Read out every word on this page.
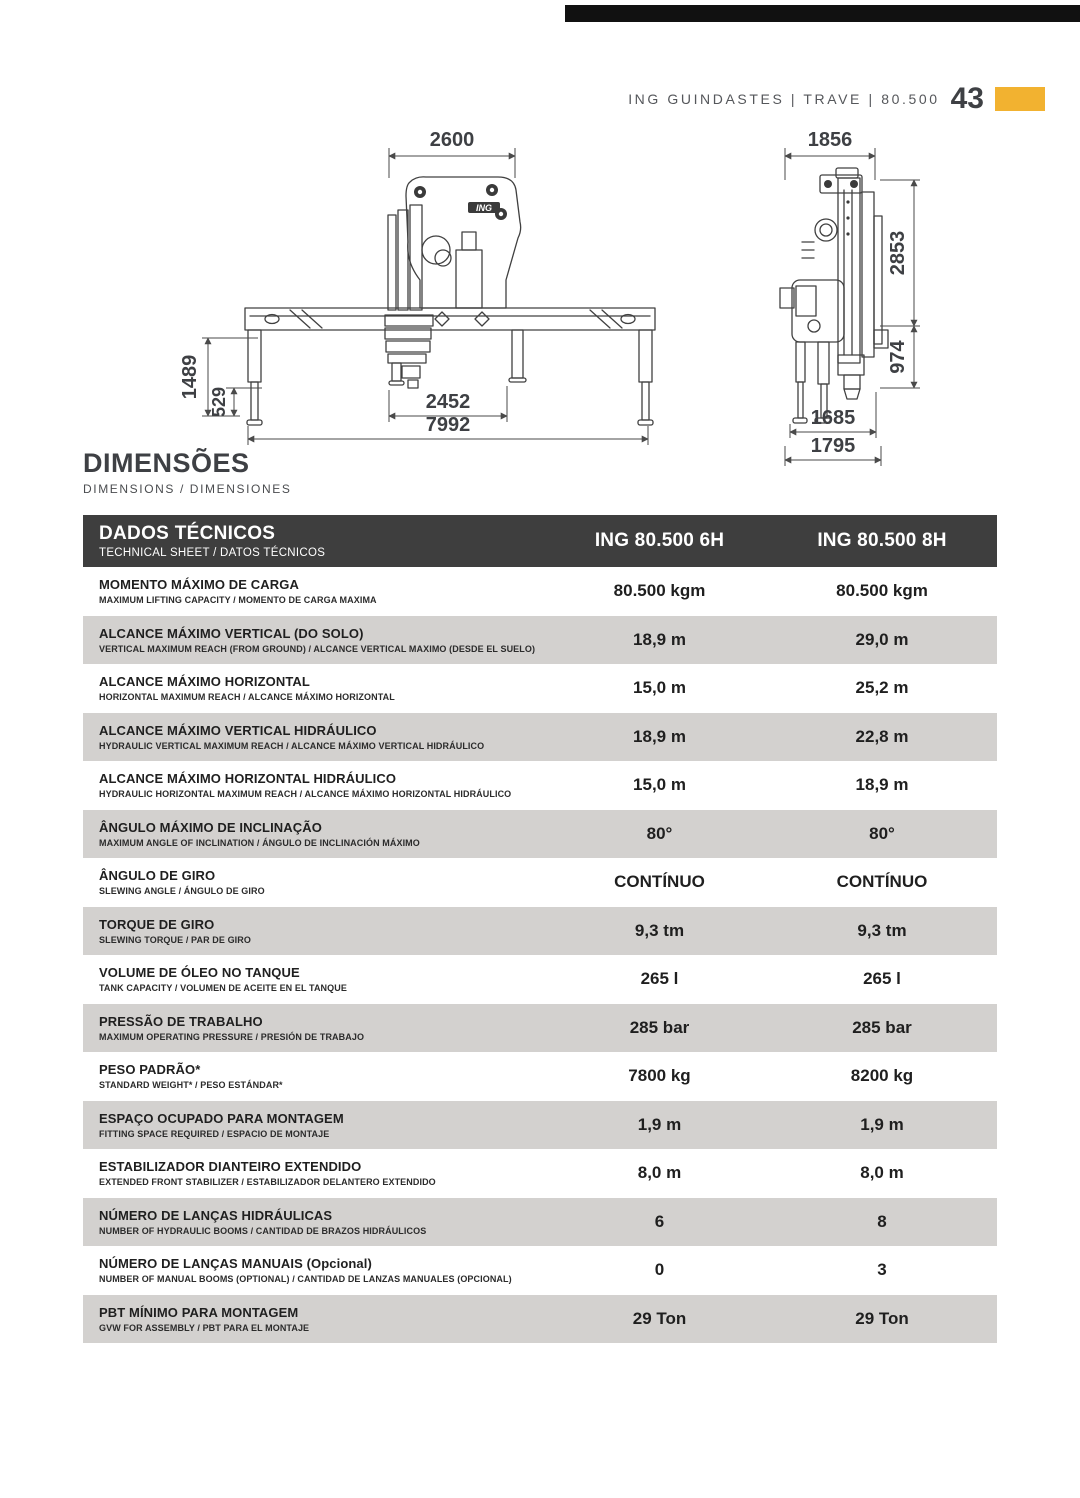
ING GUINDASTES | TRAVE | 80.500 43
ING
2600
1489
529	2452
7992
1856
2853
974
1685
1795
DIMENSÕES
DIMENSIONS / DIMENSIONES
DADOS TÉCNICOS
TECHNICAL SHEET / DATOS TÉCNICOS
ING 80.500 6H	ING 80.500 8H
MOMENTO MÁXIMO DE CARGA
MAXIMUM LIFTING CAPACITY / MOMENTO DE CARGA MAXIMA	80.500 kgm	80.500 kgm
ALCANCE MÁXIMO VERTICAL (DO SOLO)
VERTICAL MAXIMUM REACH (FROM GROUND) / ALCANCE VERTICAL MAXIMO (DESDE EL SUELO)	18,9 m	29,0 m
ALCANCE MÁXIMO HORIZONTAL
HORIZONTAL MAXIMUM REACH / ALCANCE MÁXIMO HORIZONTAL	15,0 m	25,2 m
ALCANCE MÁXIMO VERTICAL HIDRÁULICO
HYDRAULIC VERTICAL MAXIMUM REACH / ALCANCE MÁXIMO VERTICAL HIDRÁULICO	18,9 m	22,8 m
ALCANCE MÁXIMO HORIZONTAL HIDRÁULICO
HYDRAULIC HORIZONTAL MAXIMUM REACH / ALCANCE MÁXIMO HORIZONTAL HIDRÁULICO	15,0 m	18,9 m
ÂNGULO MÁXIMO DE INCLINAÇÃO
MAXIMUM ANGLE OF INCLINATION / ÁNGULO DE INCLINACIÓN MÁXIMO	80°	80°
ÂNGULO DE GIRO
SLEWING ANGLE / ÁNGULO DE GIRO	CONTÍNUO	CONTÍNUO
TORQUE DE GIRO
SLEWING TORQUE / PAR DE GIRO	9,3 tm	9,3 tm
VOLUME DE ÓLEO NO TANQUE
TANK CAPACITY / VOLUMEN DE ACEITE EN EL TANQUE	265 l	265 l
PRESSÃO DE TRABALHO
MAXIMUM OPERATING PRESSURE / PRESIÓN DE TRABAJO	285 bar	285 bar
PESO PADRÃO*
STANDARD WEIGHT* / PESO ESTÁNDAR*	7800 kg	8200 kg
ESPAÇO OCUPADO PARA MONTAGEM
FITTING SPACE REQUIRED / ESPACIO DE MONTAJE	1,9 m	1,9 m
ESTABILIZADOR DIANTEIRO EXTENDIDO
EXTENDED FRONT STABILIZER / ESTABILIZADOR DELANTERO EXTENDIDO	8,0 m	8,0 m
NÚMERO DE LANÇAS HIDRÁULICAS
NUMBER OF HYDRAULIC BOOMS / CANTIDAD DE BRAZOS HIDRÁULICOS	6	8
NÚMERO DE LANÇAS MANUAIS (Opcional)
NUMBER OF MANUAL BOOMS (OPTIONAL) / CANTIDAD DE LANZAS MANUALES (OPCIONAL)	0	3
PBT MÍNIMO PARA MONTAGEM
GVW FOR ASSEMBLY / PBT PARA EL MONTAJE	29 Ton	29 Ton
